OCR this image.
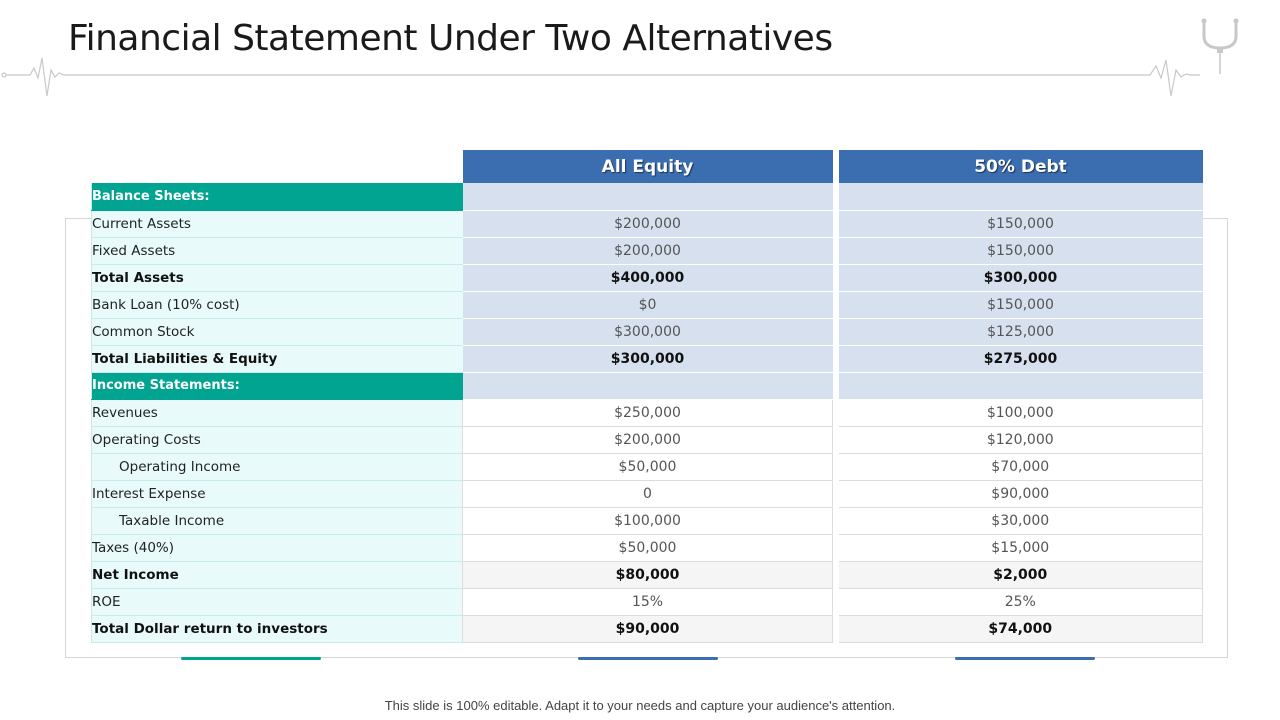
Financial Statement Under Two Alternatives
	All Equity		50% Debt
Balance Sheets:			
Current Assets	$200,000		$150,000
Fixed Assets	$200,000		$150,000
Total Assets	$400,000		$300,000
Bank Loan (10% cost)	$0		$150,000
Common Stock	$300,000		$125,000
Total Liabilities & Equity	$300,000		$275,000
Income Statements:			
Revenues	$250,000		$100,000
Operating Costs	$200,000		$120,000
Operating Income	$50,000		$70,000
Interest Expense	0		$90,000
Taxable Income	$100,000		$30,000
Taxes (40%)	$50,000		$15,000
Net Income	$80,000		$2,000
ROE	15%		25%
Total Dollar return to investors	$90,000		$74,000
This slide is 100% editable. Adapt it to your needs and capture your audience's attention.
